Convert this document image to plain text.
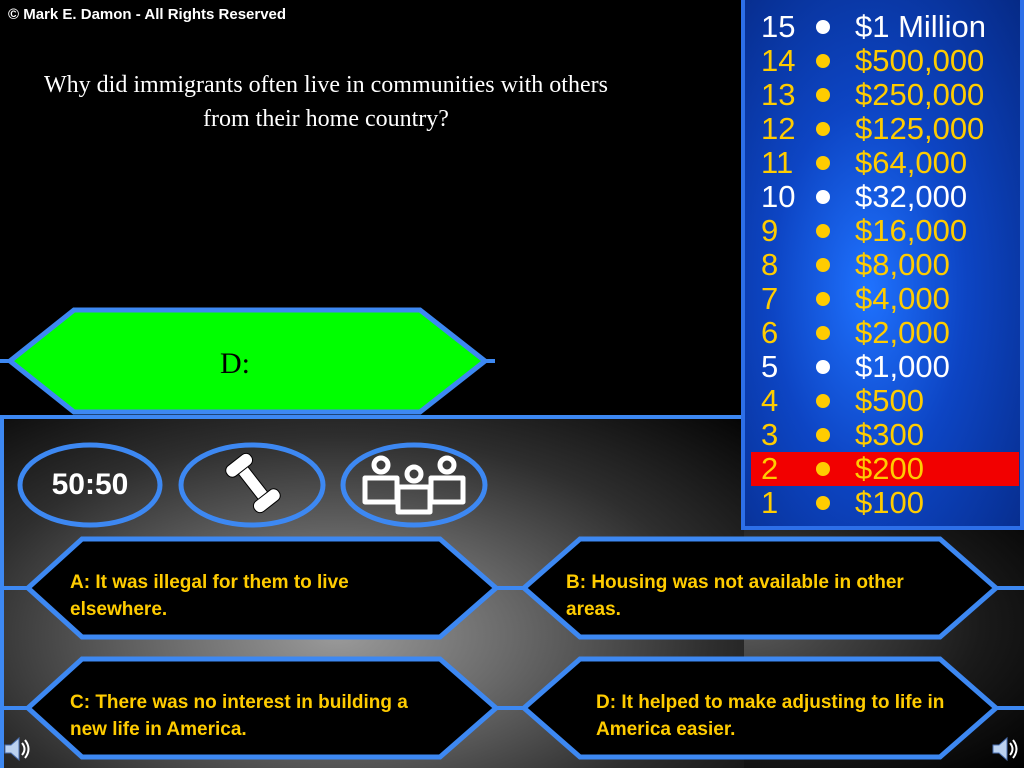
© Mark E. Damon - All Rights Reserved
Why did immigrants often live in communities with others from their home country?
D:
50:50
A: It was illegal for them to live elsewhere.
B: Housing was not available in other areas.
C: There was no interest in building a new life in America.
D: It helped to make adjusting to life in America easier.
15 $1 Million
14 $500,000
13 $250,000
12 $125,000
11 $64,000
10 $32,000
9 $16,000
8 $8,000
7 $4,000
6 $2,000
5 $1,000
4 $500
3 $300
2 $200
1 $100
